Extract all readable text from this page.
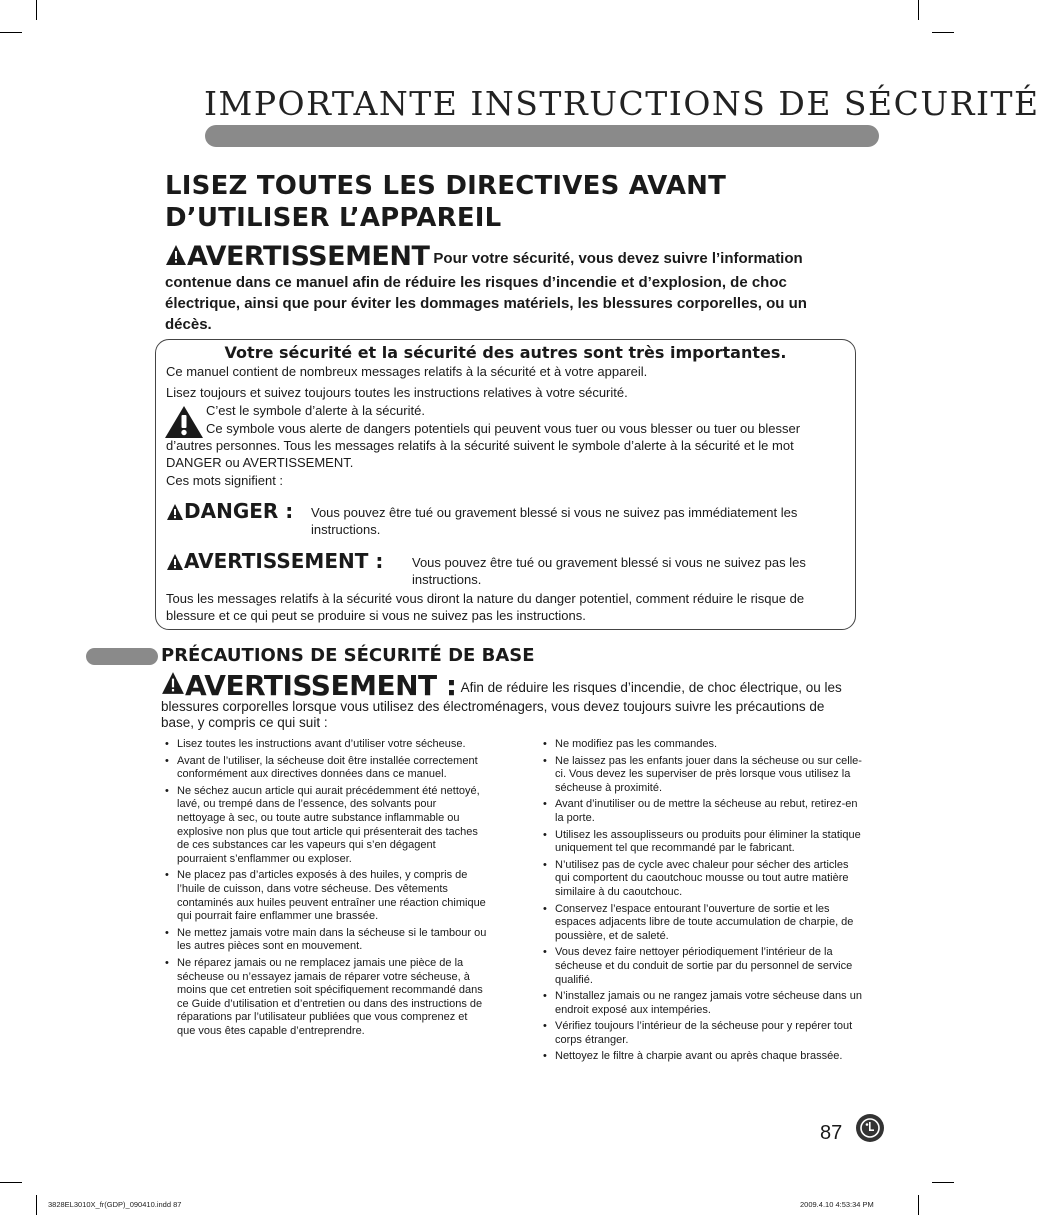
IMPORTANTE INSTRUCTIONS DE SÉCURITÉ
LISEZ TOUTES LES DIRECTIVES AVANT D’UTILISER L’APPAREIL
AVERTISSEMENT Pour votre sécurité, vous devez suivre l’information contenue dans ce manuel afin de réduire les risques d’incendie et d’explosion, de choc électrique, ainsi que pour éviter les dommages matériels, les blessures corporelles, ou un décès.
Votre sécurité et la sécurité des autres sont très importantes.
Ce manuel contient de nombreux messages relatifs à la sécurité et à votre appareil.
Lisez toujours et suivez toujours toutes les instructions relatives à votre sécurité.
C’est le symbole d’alerte à la sécurité.
Ce symbole vous alerte de dangers potentiels qui peuvent vous tuer ou vous blesser ou tuer ou blesser d’autres personnes. Tous les messages relatifs à la sécurité suivent le symbole d’alerte à la sécurité et le mot DANGER ou AVERTISSEMENT.
Ces mots signifient :
DANGER : Vous pouvez être tué ou gravement blessé si vous ne suivez pas immédiatement les instructions.
AVERTISSEMENT : Vous pouvez être tué ou gravement blessé si vous ne suivez pas les instructions.
Tous les messages relatifs à la sécurité vous diront la nature du danger potentiel, comment réduire le risque de blessure et ce qui peut se produire si vous ne suivez pas les instructions.
PRÉCAUTIONS DE SÉCURITÉ DE BASE
AVERTISSEMENT : Afin de réduire les risques d’incendie, de choc électrique, ou les blessures corporelles lorsque vous utilisez des électroménagers, vous devez toujours suivre les précautions de base, y compris ce qui suit :
• Lisez toutes les instructions avant d’utiliser votre sécheuse.
• Avant de l’utiliser, la sécheuse doit être installée correctement conformément aux directives données dans ce manuel.
• Ne séchez aucun article qui aurait précédemment été nettoyé, lavé, ou trempé dans de l’essence, des solvants pour nettoyage à sec, ou toute autre substance inflammable ou explosive non plus que tout article qui présenterait des taches de ces substances car les vapeurs qui s’en dégagent pourraient s’enflammer ou exploser.
• Ne placez pas d’articles exposés à des huiles, y compris de l’huile de cuisson, dans votre sécheuse. Des vêtements contaminés aux huiles peuvent entraîner une réaction chimique qui pourrait faire enflammer une brassée.
• Ne mettez jamais votre main dans la sécheuse si le tambour ou les autres pièces sont en mouvement.
• Ne réparez jamais ou ne remplacez jamais une pièce de la sécheuse ou n’essayez jamais de réparer votre sécheuse, à moins que cet entretien soit spécifiquement recommandé dans ce Guide d’utilisation et d’entretien ou dans des instructions de réparations par l’utilisateur publiées que vous comprenez et que vous êtes capable d’entreprendre.
• Ne modifiez pas les commandes.
• Ne laissez pas les enfants jouer dans la sécheuse ou sur celle-ci. Vous devez les superviser de près lorsque vous utilisez la sécheuse à proximité.
• Avant d’inutiliser ou de mettre la sécheuse au rebut, retirez-en la porte.
• Utilisez les assouplisseurs ou produits pour éliminer la statique uniquement tel que recommandé par le fabricant.
• N’utilisez pas de cycle avec chaleur pour sécher des articles qui comportent du caoutchouc mousse ou tout autre matière similaire à du caoutchouc.
• Conservez l’espace entourant l’ouverture de sortie et les espaces adjacents libre de toute accumulation de charpie, de poussière, et de saleté.
• Vous devez faire nettoyer périodiquement l’intérieur de la sécheuse et du conduit de sortie par du personnel de service qualifié.
• N’installez jamais ou ne rangez jamais votre sécheuse dans un endroit exposé aux intempéries.
• Vérifiez toujours l’intérieur de la sécheuse pour y repérer tout corps étranger.
• Nettoyez le filtre à charpie avant ou après chaque brassée.
87
3828EL3010X_fr(GDP)_090410.indd 87	2009.4.10 4:53:34 PM
